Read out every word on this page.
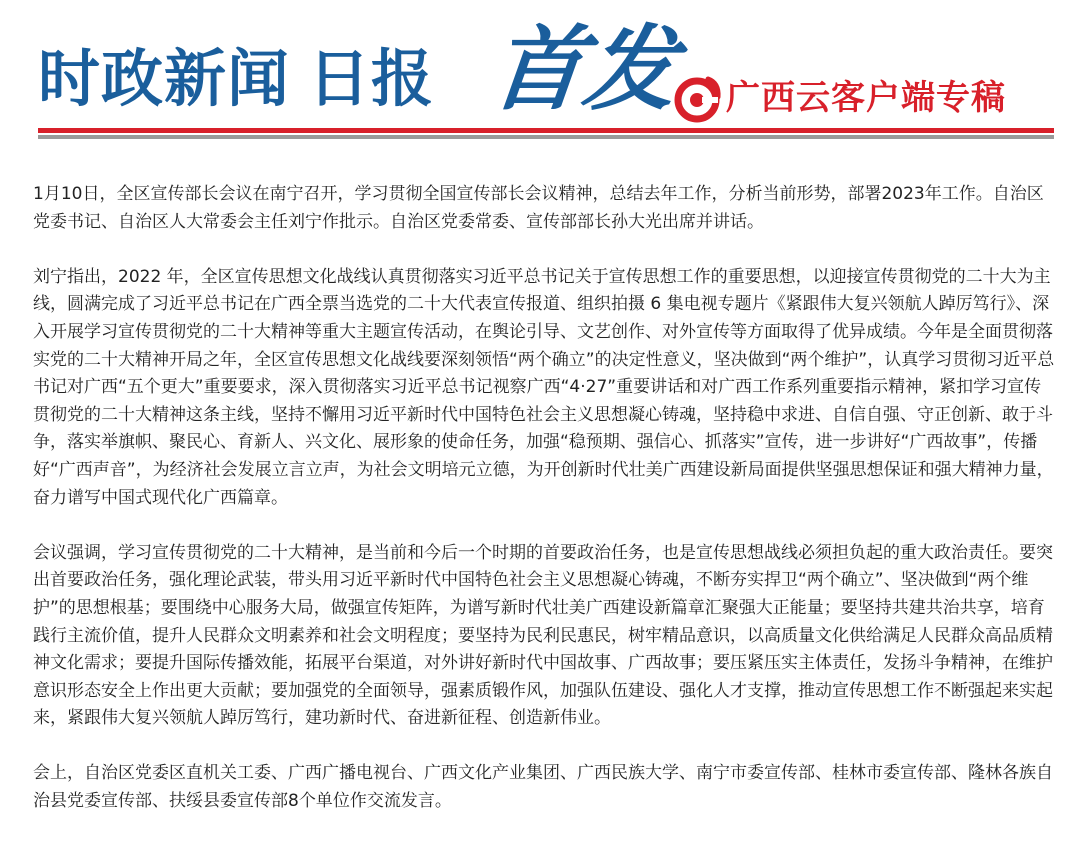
时政新闻 日报 首发 广西云客户端专稿

1月10日，全区宣传部长会议在南宁召开，学习贯彻全国宣传部长会议精神，总结去年工作，分析当前形势，部署2023年工作。自治区党委书记、自治区人大常委会主任刘宁作批示。自治区党委常委、宣传部部长孙大光出席并讲话。

刘宁指出，2022 年，全区宣传思想文化战线认真贯彻落实习近平总书记关于宣传思想工作的重要思想，以迎接宣传贯彻党的二十大为主线，圆满完成了习近平总书记在广西全票当选党的二十大代表宣传报道、组织拍摄 6 集电视专题片《紧跟伟大复兴领航人踔厉笃行》、深入开展学习宣传贯彻党的二十大精神等重大主题宣传活动，在舆论引导、文艺创作、对外宣传等方面取得了优异成绩。今年是全面贯彻落实党的二十大精神开局之年，全区宣传思想文化战线要深刻领悟“两个确立”的决定性意义，坚决做到“两个维护”，认真学习贯彻习近平总书记对广西“五个更大”重要要求，深入贯彻落实习近平总书记视察广西“4·27”重要讲话和对广西工作系列重要指示精神，紧扣学习宣传贯彻党的二十大精神这条主线，坚持不懈用习近平新时代中国特色社会主义思想凝心铸魂，坚持稳中求进、自信自强、守正创新、敢于斗争，落实举旗帜、聚民心、育新人、兴文化、展形象的使命任务，加强“稳预期、强信心、抓落实”宣传，进一步讲好“广西故事”，传播好“广西声音”，为经济社会发展立言立声，为社会文明培元立德，为开创新时代壮美广西建设新局面提供坚强思想保证和强大精神力量，奋力谱写中国式现代化广西篇章。

会议强调，学习宣传贯彻党的二十大精神，是当前和今后一个时期的首要政治任务，也是宣传思想战线必须担负起的重大政治责任。要突出首要政治任务，强化理论武装，带头用习近平新时代中国特色社会主义思想凝心铸魂，不断夯实捍卫“两个确立”、坚决做到“两个维护”的思想根基；要围绕中心服务大局，做强宣传矩阵，为谱写新时代壮美广西建设新篇章汇聚强大正能量；要坚持共建共治共享，培育践行主流价值，提升人民群众文明素养和社会文明程度；要坚持为民利民惠民，树牢精品意识，以高质量文化供给满足人民群众高品质精神文化需求；要提升国际传播效能，拓展平台渠道，对外讲好新时代中国故事、广西故事；要压紧压实主体责任，发扬斗争精神，在维护意识形态安全上作出更大贡献；要加强党的全面领导，强素质锻作风，加强队伍建设、强化人才支撑，推动宣传思想工作不断强起来实起来，紧跟伟大复兴领航人踔厉笃行，建功新时代、奋进新征程、创造新伟业。

会上，自治区党委区直机关工委、广西广播电视台、广西文化产业集团、广西民族大学、南宁市委宣传部、桂林市委宣传部、隆林各族自治县党委宣传部、扶绥县委宣传部8个单位作交流发言。
